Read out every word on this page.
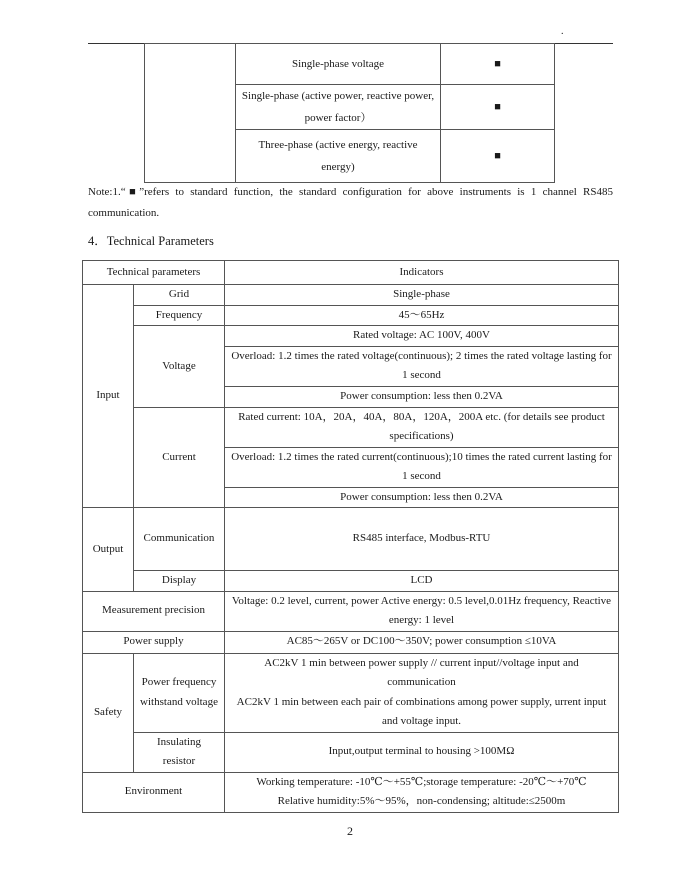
.
	Single-phase voltage	■
	Single-phase (active power, reactive power, power factor）	■
	Three-phase (active energy, reactive energy)	■
Note:1.“■”refers to standard function, the standard configuration for above instruments is 1 channel RS485 communication.
4．Technical Parameters
Technical parameters		Indicators
Input	Grid	Single-phase
	Frequency	45～65Hz
	Voltage	Rated voltage: AC 100V, 400V
		Overload: 1.2 times the rated voltage(continuous); 2 times the rated voltage lasting for 1 second
		Power consumption: less then 0.2VA
	Current	Rated current: 10A，20A，40A，80A，120A，200A etc. (for details see product specifications)
		Overload: 1.2 times the rated current(continuous);10 times the rated current lasting for 1 second
		Power consumption: less then 0.2VA
Output	Communication	RS485 interface, Modbus-RTU
	Display	LCD
Measurement precision		Voltage: 0.2 level, current, power Active energy: 0.5 level,0.01Hz frequency, Reactive energy: 1 level
Power supply		AC85～265V or DC100～350V; power consumption ≤10VA
Safety	Power frequency withstand voltage	AC2kV 1 min between power supply // current input//voltage input and communication
AC2kV 1 min between each pair of combinations among power supply, urrent input and voltage input.

	Insulating resistor	Input,output terminal to housing >100MΩ
Environment		Working temperature: -10℃～+55℃;storage temperature: -20℃～+70℃
Relative humidity:5%～95%，non-condensing; altitude:≤2500m
2
